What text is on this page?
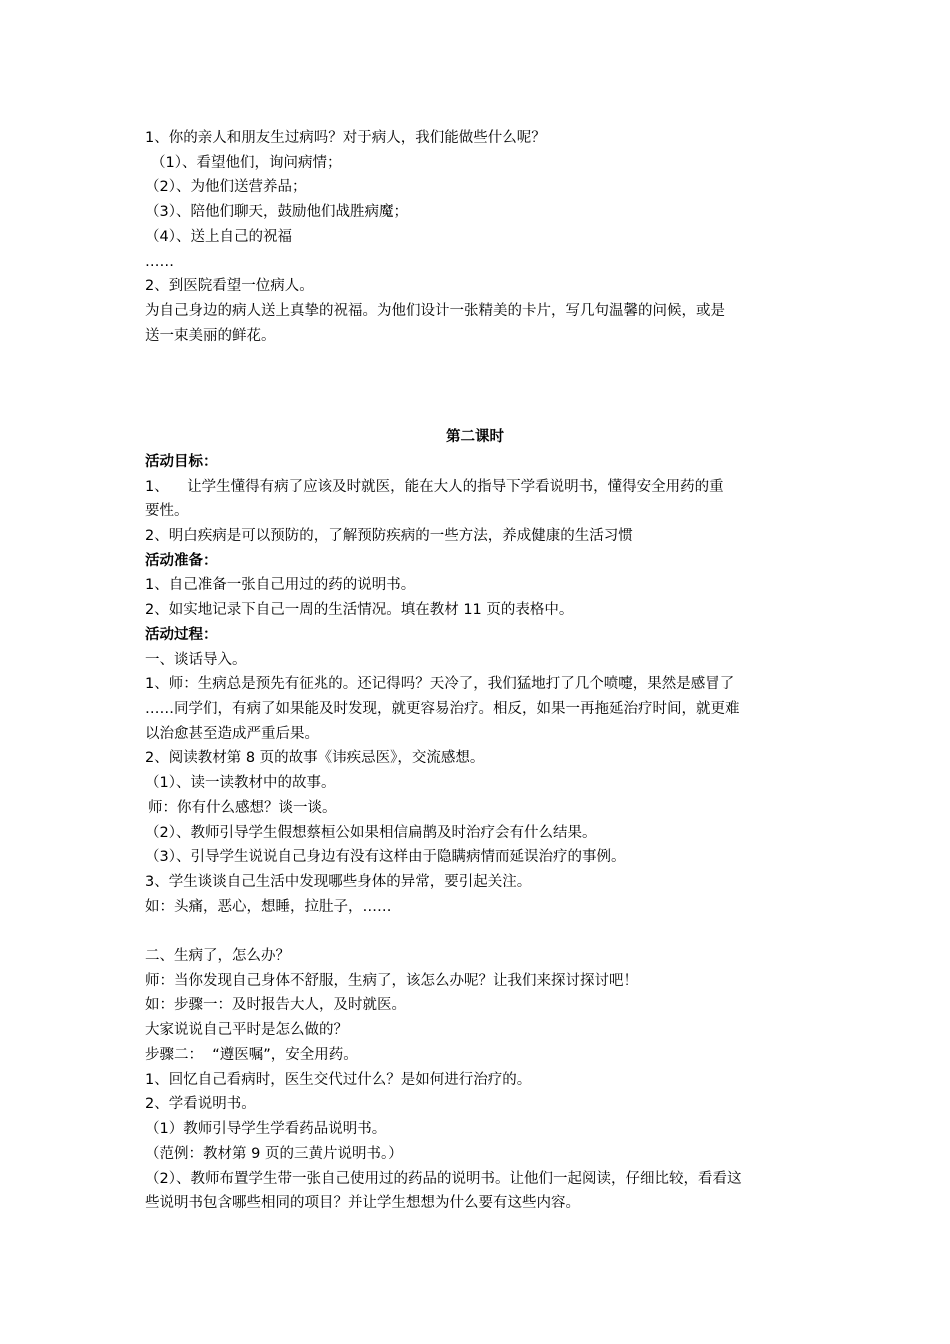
1、你的亲人和朋友生过病吗？对于病人，我们能做些什么呢？
（1）、看望他们，询问病情；
（2）、为他们送营养品；
（3）、陪他们聊天，鼓励他们战胜病魔；
（4）、送上自己的祝福
……
2、到医院看望一位病人。
为自己身边的病人送上真挚的祝福。为他们设计一张精美的卡片，写几句温馨的问候，或是
送一束美丽的鲜花。
第二课时
活动目标：
1、    让学生懂得有病了应该及时就医，能在大人的指导下学看说明书，懂得安全用药的重
要性。
2、明白疾病是可以预防的，了解预防疾病的一些方法，养成健康的生活习惯
活动准备：
1、自己准备一张自己用过的药的说明书。
2、如实地记录下自己一周的生活情况。填在教材 11 页的表格中。
活动过程：
一、谈话导入。
1、师：生病总是预先有征兆的。还记得吗？天冷了，我们猛地打了几个喷嚏，果然是感冒了
……同学们，有病了如果能及时发现，就更容易治疗。相反，如果一再拖延治疗时间，就更难
以治愈甚至造成严重后果。
2、阅读教材第 8 页的故事《讳疾忌医》，交流感想。
（1）、读一读教材中的故事。
师：你有什么感想？谈一谈。
（2）、教师引导学生假想蔡桓公如果相信扁鹊及时治疗会有什么结果。
（3）、引导学生说说自己身边有没有这样由于隐瞒病情而延误治疗的事例。
3、学生谈谈自己生活中发现哪些身体的异常，要引起关注。
如：头痛，恶心，想睡，拉肚子，……
二、生病了，怎么办？
师：当你发现自己身体不舒服，生病了，该怎么办呢？让我们来探讨探讨吧！
如：步骤一：及时报告大人，及时就医。
大家说说自己平时是怎么做的？
步骤二：  “遵医嘱”，安全用药。
1、回忆自己看病时，医生交代过什么？是如何进行治疗的。
2、学看说明书。
（1）教师引导学生学看药品说明书。
（范例：教材第 9 页的三黄片说明书。）
（2）、教师布置学生带一张自己使用过的药品的说明书。让他们一起阅读，仔细比较，看看这
些说明书包含哪些相同的项目？并让学生想想为什么要有这些内容。
